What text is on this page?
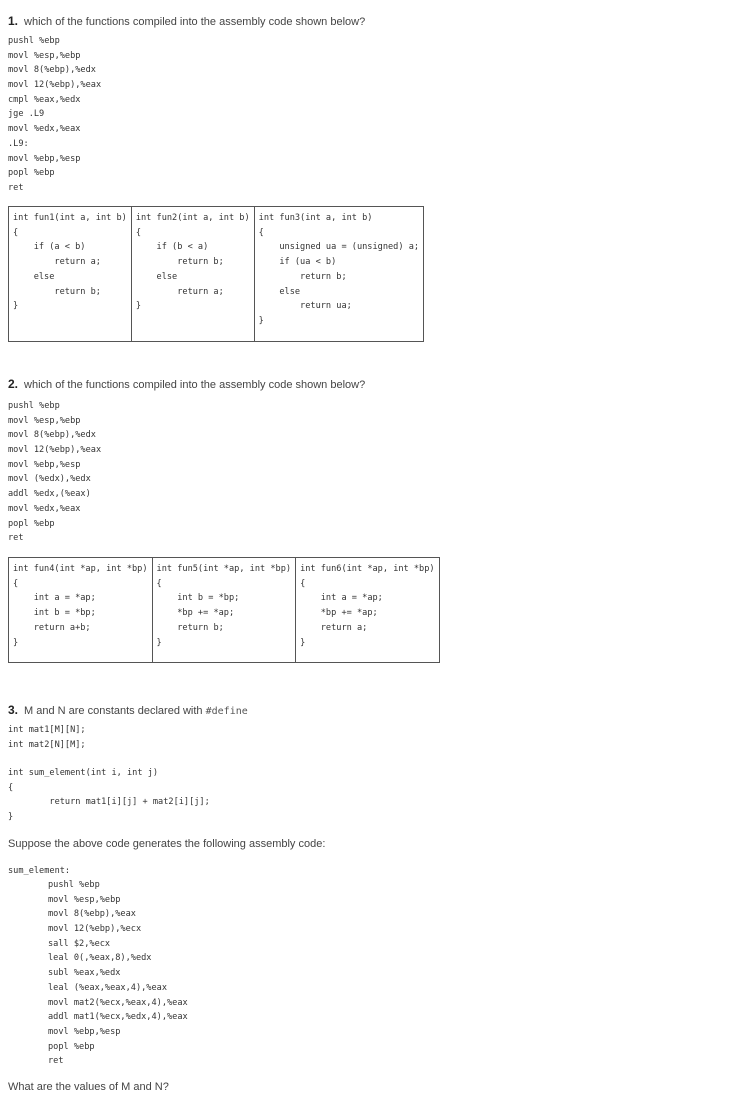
1. which of the functions compiled into the assembly code shown below?
pushl %ebp
movl %esp,%ebp
movl 8(%ebp),%edx
movl 12(%ebp),%eax
cmpl %eax,%edx
jge .L9
movl %edx,%eax
.L9:
movl %ebp,%esp
popl %ebp
ret
int fun1(int a, int b)
{
if (a < b)
return a;
else
return b;
}

int fun2(int a, int b)
{
if (b < a)
return b;
else
return a;
}

int fun3(int a, int b)
{
unsigned ua = (unsigned) a;
if (ua < b)
return b;
else
return ua;
}
2. which of the functions compiled into the assembly code shown below?
pushl %ebp
movl %esp,%ebp
movl 8(%ebp),%edx
movl 12(%ebp),%eax
movl %ebp,%esp
movl (%edx),%edx
addl %edx,(%eax)
movl %edx,%eax
popl %ebp
ret
int fun4(int *ap, int *bp)
{
int a = *ap;
int b = *bp;
return a+b;
}

int fun5(int *ap, int *bp)
{
int b = *bp;
*bp += *ap;
return b;
}

int fun6(int *ap, int *bp)
{
int a = *ap;
*bp += *ap;
return a;
}
3. M and N are constants declared with #define
int mat1[M][N];
int mat2[N][M];
int sum_element(int i, int j)
{
return mat1[i][j] + mat2[i][j];
}
Suppose the above code generates the following assembly code:
sum_element:
pushl %ebp
movl %esp,%ebp
movl 8(%ebp),%eax
movl 12(%ebp),%ecx
sall $2,%ecx
leal 0(,%eax,8),%edx
subl %eax,%edx
leal (%eax,%eax,4),%eax
movl mat2(%ecx,%eax,4),%eax
addl mat1(%ecx,%edx,4),%eax
movl %ebp,%esp
popl %ebp
ret
What are the values of M and N?
